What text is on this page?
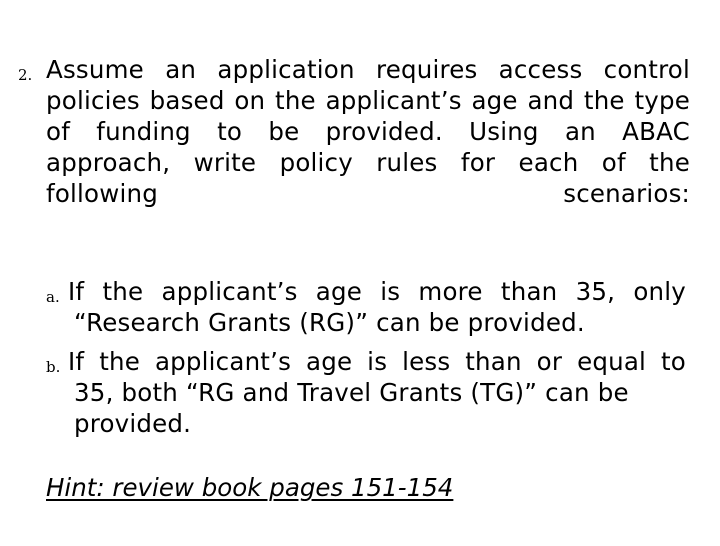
2. Assume an application requires access control policies based on the applicant’s age and the type of funding to be provided. Using an ABAC approach, write policy rules for each of the following scenarios:
a. If the applicant’s age is more than 35, only
“Research Grants (RG)” can be provided.
b. If the applicant’s age is less than or equal to
35, both “RG and Travel Grants (TG)” can be provided.
Hint: review book pages 151-154
